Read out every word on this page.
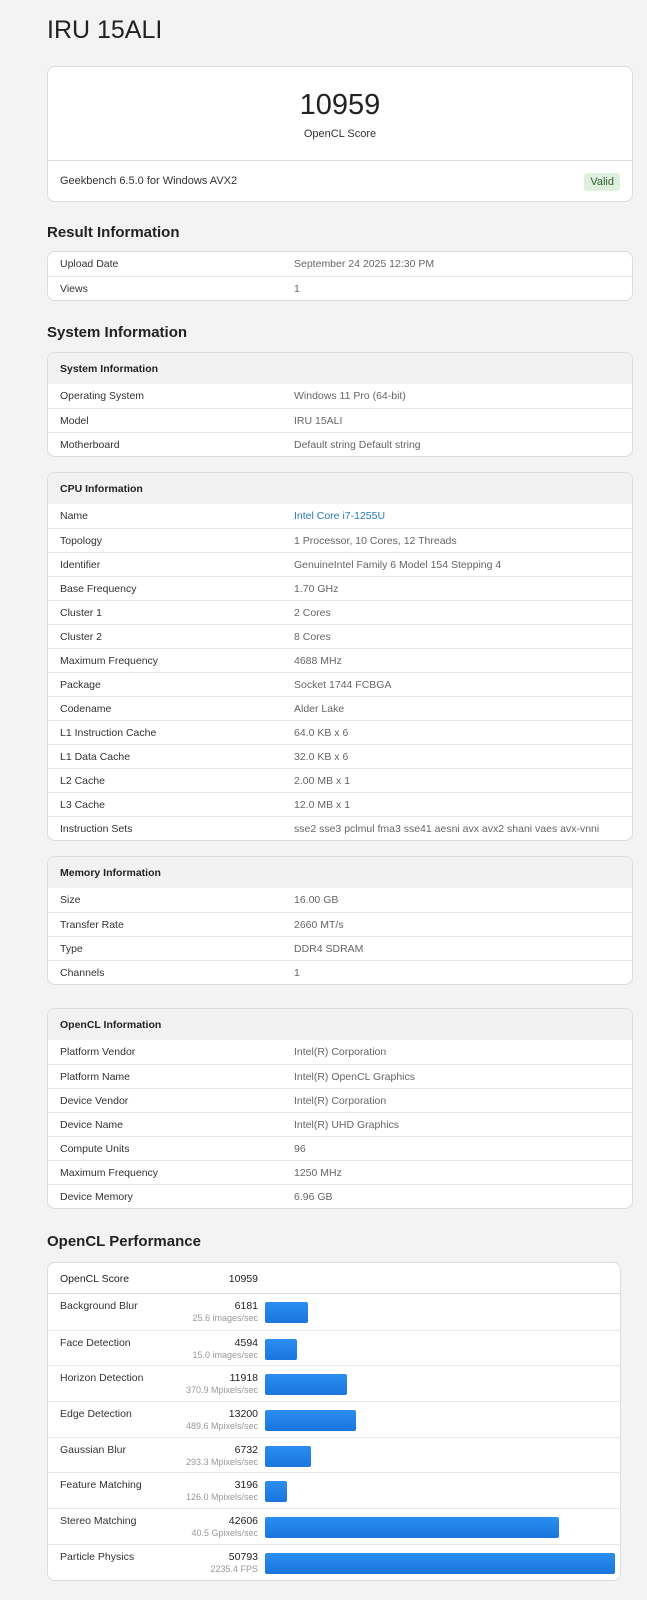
IRU 15ALI
10959
OpenCL Score
Geekbench 6.5.0 for Windows AVX2	Valid
Result Information
Upload Date	September 24 2025 12:30 PM
Views	1
System Information
System Information
Operating System	Windows 11 Pro (64-bit)
Model	IRU 15ALI
Motherboard	Default string Default string
CPU Information
Name	Intel Core i7-1255U
Topology	1 Processor, 10 Cores, 12 Threads
Identifier	GenuineIntel Family 6 Model 154 Stepping 4
Base Frequency	1.70 GHz
Cluster 1	2 Cores
Cluster 2	8 Cores
Maximum Frequency	4688 MHz
Package	Socket 1744 FCBGA
Codename	Alder Lake
L1 Instruction Cache	64.0 KB x 6
L1 Data Cache	32.0 KB x 6
L2 Cache	2.00 MB x 1
L3 Cache	12.0 MB x 1
Instruction Sets	sse2 sse3 pclmul fma3 sse41 aesni avx avx2 shani vaes avx-vnni
Memory Information
Size	16.00 GB
Transfer Rate	2660 MT/s
Type	DDR4 SDRAM
Channels	1
OpenCL Information
Platform Vendor	Intel(R) Corporation
Platform Name	Intel(R) OpenCL Graphics
Device Vendor	Intel(R) Corporation
Device Name	Intel(R) UHD Graphics
Compute Units	96
Maximum Frequency	1250 MHz
Device Memory	6.96 GB
OpenCL Performance
OpenCL Score	10959
Background Blur	6181
25.6 images/sec
Face Detection	4594
15.0 images/sec
Horizon Detection	11918
370.9 Mpixels/sec
Edge Detection	13200
489.6 Mpixels/sec
Gaussian Blur	6732
293.3 Mpixels/sec
Feature Matching	3196
126.0 Mpixels/sec
Stereo Matching	42606
40.5 Gpixels/sec
Particle Physics	50793
2235.4 FPS
